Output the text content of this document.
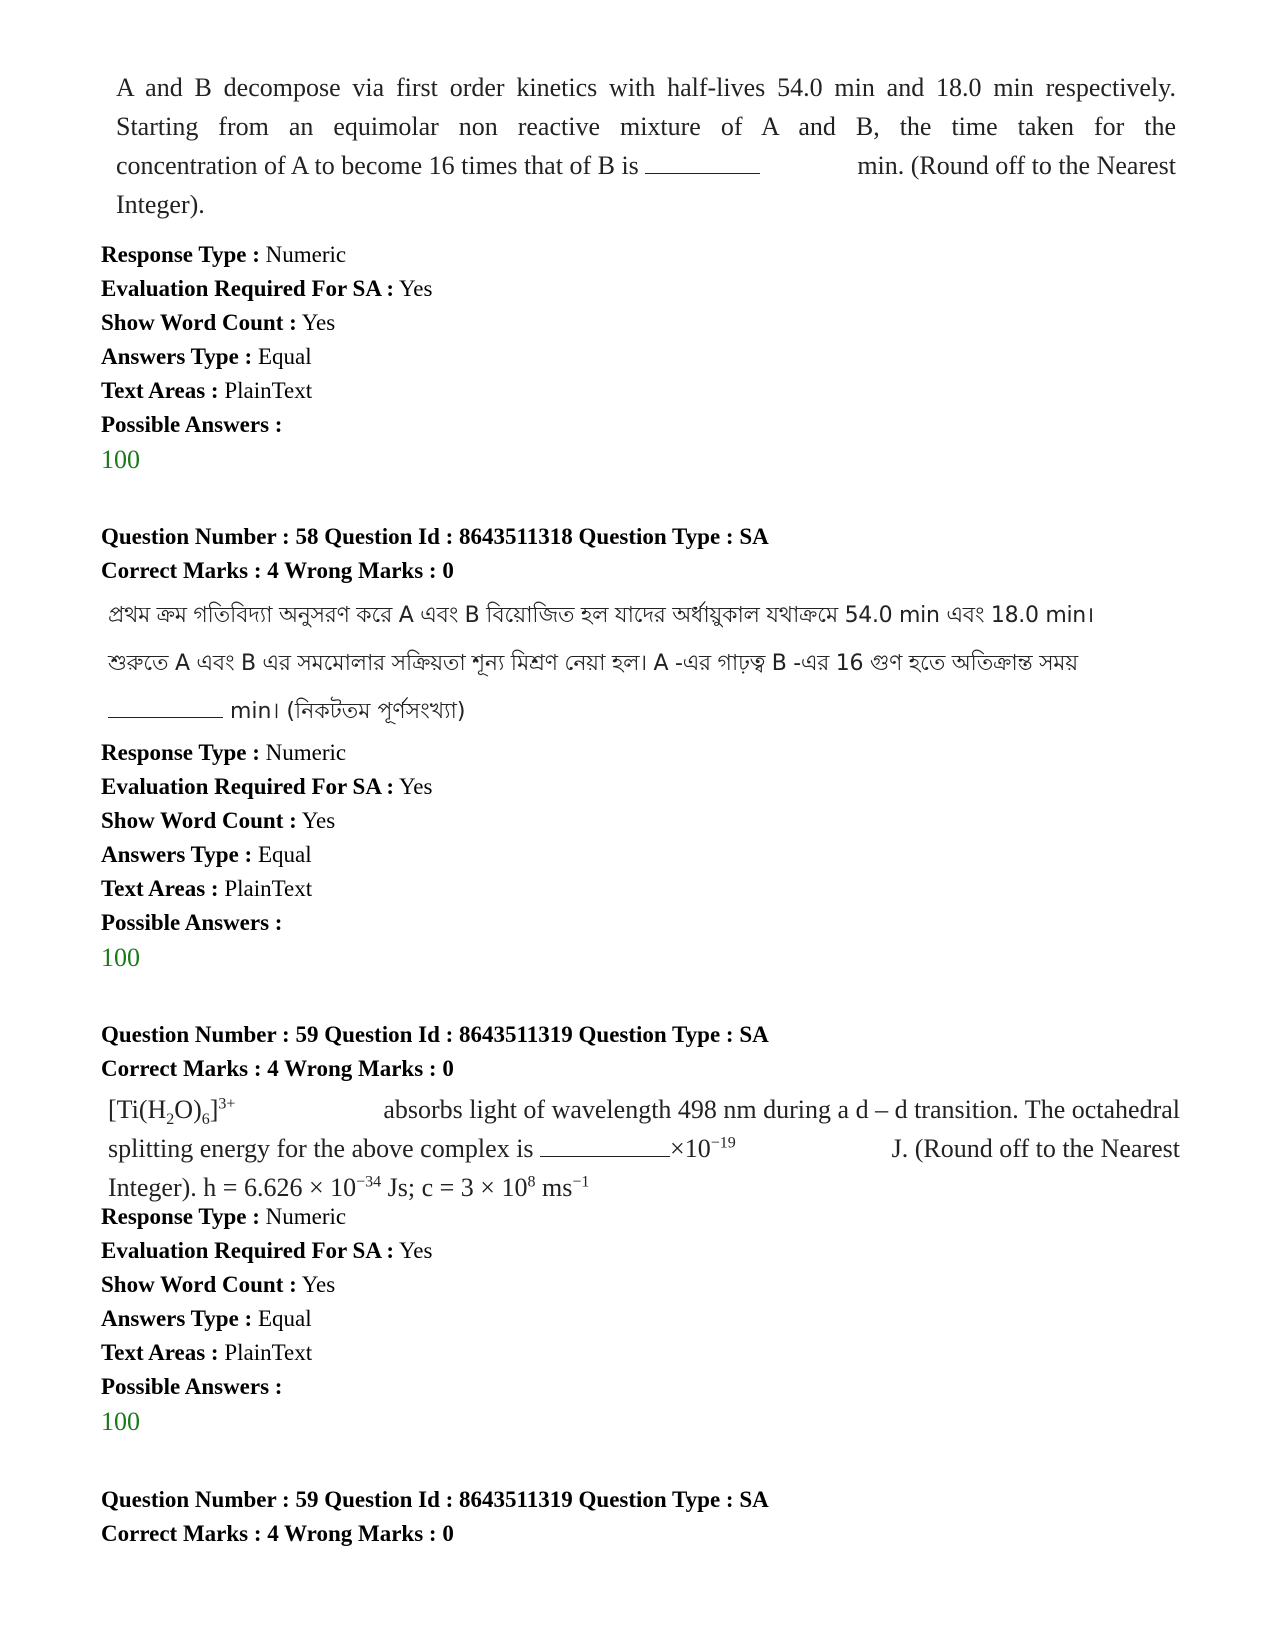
A and B decompose via first order kinetics with half-lives 54.0 min and 18.0 min respectively.
Starting from an equimolar non reactive mixture of A and B, the time taken for the
concentration of A to become 16 times that of B is	min. (Round off to the Nearest
Integer).
Response Type : Numeric
Evaluation Required For SA : Yes
Show Word Count : Yes
Answers Type : Equal
Text Areas : PlainText
Possible Answers :
100
Question Number : 58 Question Id : 8643511318 Question Type : SA
Correct Marks : 4 Wrong Marks : 0
প্রথম ক্রম গতিবিদ্যা অনুসরণ করে A এবং B বিয়োজিত হল যাদের অর্ধায়ুকাল যথাক্রমে 54.0 min এবং 18.0 min।
শুরুতে A এবং B এর সমমোলার সক্রিয়তা শূন্য মিশ্রণ নেয়া হল। A -এর গাঢ়ত্ব B -এর 16 গুণ হতে অতিক্রান্ত সময়
min। (নিকটতম পূর্ণসংখ্যা)
Response Type : Numeric
Evaluation Required For SA : Yes
Show Word Count : Yes
Answers Type : Equal
Text Areas : PlainText
Possible Answers :
100
Question Number : 59 Question Id : 8643511319 Question Type : SA
Correct Marks : 4 Wrong Marks : 0
$[Ti(H_2O)_6]^{3+}$	absorbs light of wavelength 498 nm during a d – d transition. The octahedral
splitting energy for the above complex is	$\times 10^{-19}$	J. (Round off to the Nearest
Integer). $h = 6.626 \times 10^{-34}$ Js; $c = 3 \times 10^8$ $ms^{-1}$
Response Type : Numeric
Evaluation Required For SA : Yes
Show Word Count : Yes
Answers Type : Equal
Text Areas : PlainText
Possible Answers :
100
Question Number : 59 Question Id : 8643511319 Question Type : SA
Correct Marks : 4 Wrong Marks : 0
